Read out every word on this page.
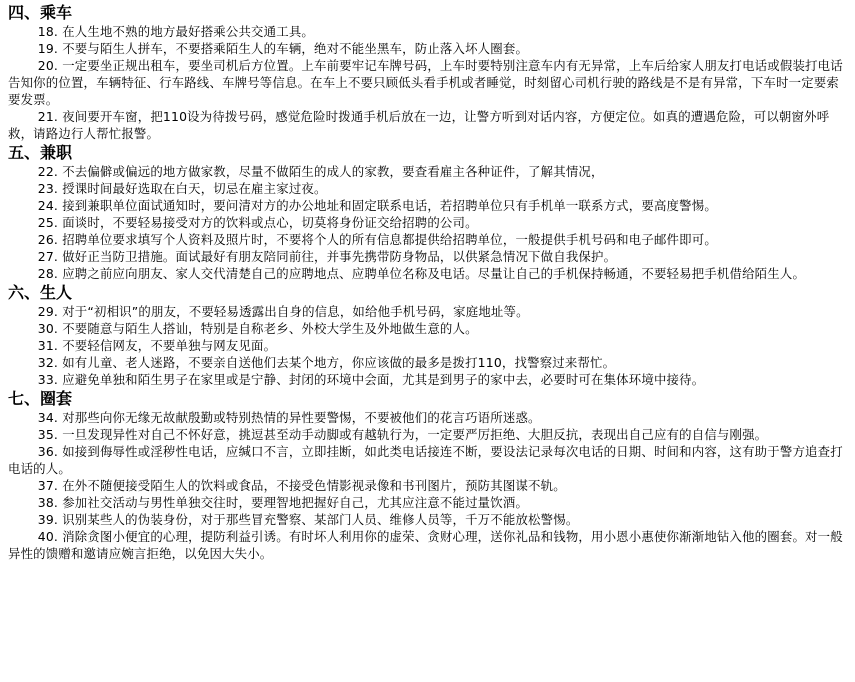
四、乘车

18. 在人生地不熟的地方最好搭乘公共交通工具。

19. 不要与陌生人拼车，不要搭乘陌生人的车辆，绝对不能坐黑车，防止落入坏人圈套。

20. 一定要坐正规出租车，要坐司机后方位置。上车前要牢记车牌号码，上车时要特别注意车内有无异常，上车后给家人朋友打电话或假装打电话告知你的位置，车辆特征、行车路线、车牌号等信息。在车上不要只顾低头看手机或者睡觉，时刻留心司机行驶的路线是不是有异常，下车时一定要索要发票。

21. 夜间要开车窗，把110设为待拨号码，感觉危险时拨通手机后放在一边，让警方听到对话内容，方便定位。如真的遭遇危险，可以朝窗外呼救，请路边行人帮忙报警。

五、兼职

22. 不去偏僻或偏远的地方做家教，尽量不做陌生的成人的家教，要查看雇主各种证件，了解其情况，

23. 授课时间最好选取在白天，切忌在雇主家过夜。

24. 接到兼职单位面试通知时，要问清对方的办公地址和固定联系电话，若招聘单位只有手机单一联系方式，要高度警惕。

25. 面谈时，不要轻易接受对方的饮料或点心，切莫将身份证交给招聘的公司。

26. 招聘单位要求填写个人资料及照片时，不要将个人的所有信息都提供给招聘单位，一般提供手机号码和电子邮件即可。

27. 做好正当防卫措施。面试最好有朋友陪同前往，并事先携带防身物品，以供紧急情况下做自我保护。

28. 应聘之前应向朋友、家人交代清楚自己的应聘地点、应聘单位名称及电话。尽量让自己的手机保持畅通，不要轻易把手机借给陌生人。

六、生人

29. 对于“初相识”的朋友，不要轻易透露出自身的信息，如给他手机号码，家庭地址等。

30. 不要随意与陌生人搭讪，特别是自称老乡、外校大学生及外地做生意的人。

31. 不要轻信网友，不要单独与网友见面。

32. 如有儿童、老人迷路，不要亲自送他们去某个地方，你应该做的最多是拨打110，找警察过来帮忙。

33. 应避免单独和陌生男子在家里或是宁静、封闭的环境中会面，尤其是到男子的家中去，必要时可在集体环境中接待。

七、圈套

34. 对那些向你无缘无故献殷勤或特别热情的异性要警惕，不要被他们的花言巧语所迷惑。

35. 一旦发现异性对自己不怀好意，挑逗甚至动手动脚或有越轨行为，一定要严厉拒绝、大胆反抗，表现出自己应有的自信与刚强。

36. 如接到侮辱性或淫秽性电话，应缄口不言，立即挂断，如此类电话接连不断，要设法记录每次电话的日期、时间和内容，这有助于警方追查打电话的人。

37. 在外不随便接受陌生人的饮料或食品，不接受色情影视录像和书刊图片，预防其图谋不轨。

38. 参加社交活动与男性单独交往时，要理智地把握好自己，尤其应注意不能过量饮酒。

39. 识别某些人的伪装身份，对于那些冒充警察、某部门人员、维修人员等，千万不能放松警惕。

40. 消除贪图小便宜的心理，提防利益引诱。有时坏人利用你的虚荣、贪财心理，送你礼品和钱物，用小恩小惠使你渐渐地钻入他的圈套。对一般异性的馈赠和邀请应婉言拒绝，以免因大失小。
